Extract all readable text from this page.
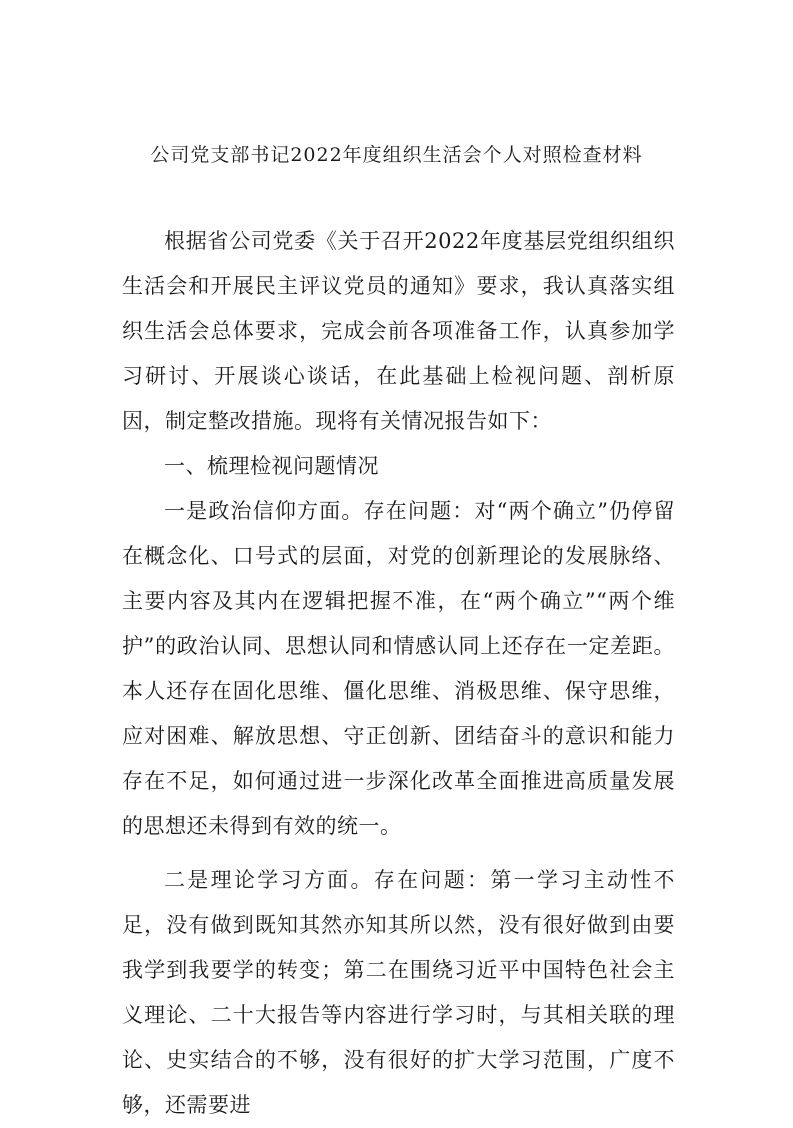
公司党支部书记2022年度组织生活会个人对照检查材料

根据省公司党委《关于召开2022年度基层党组织组织生活会和开展民主评议党员的通知》要求，我认真落实组织生活会总体要求，完成会前各项准备工作，认真参加学习研讨、开展谈心谈话，在此基础上检视问题、剖析原因，制定整改措施。现将有关情况报告如下：

一、梳理检视问题情况

一是政治信仰方面。存在问题：对“两个确立”仍停留在概念化、口号式的层面，对党的创新理论的发展脉络、主要内容及其内在逻辑把握不准，在“两个确立”“两个维护”的政治认同、思想认同和情感认同上还存在一定差距。本人还存在固化思维、僵化思维、消极思维、保守思维，应对困难、解放思想、守正创新、团结奋斗的意识和能力存在不足，如何通过进一步深化改革全面推进高质量发展的思想还未得到有效的统一。

二是理论学习方面。存在问题：第一学习主动性不足，没有做到既知其然亦知其所以然，没有很好做到由要我学到我要学的转变；第二在围绕习近平中国特色社会主义理论、二十大报告等内容进行学习时，与其相关联的理论、史实结合的不够，没有很好的扩大学习范围，广度不够，还需要进
